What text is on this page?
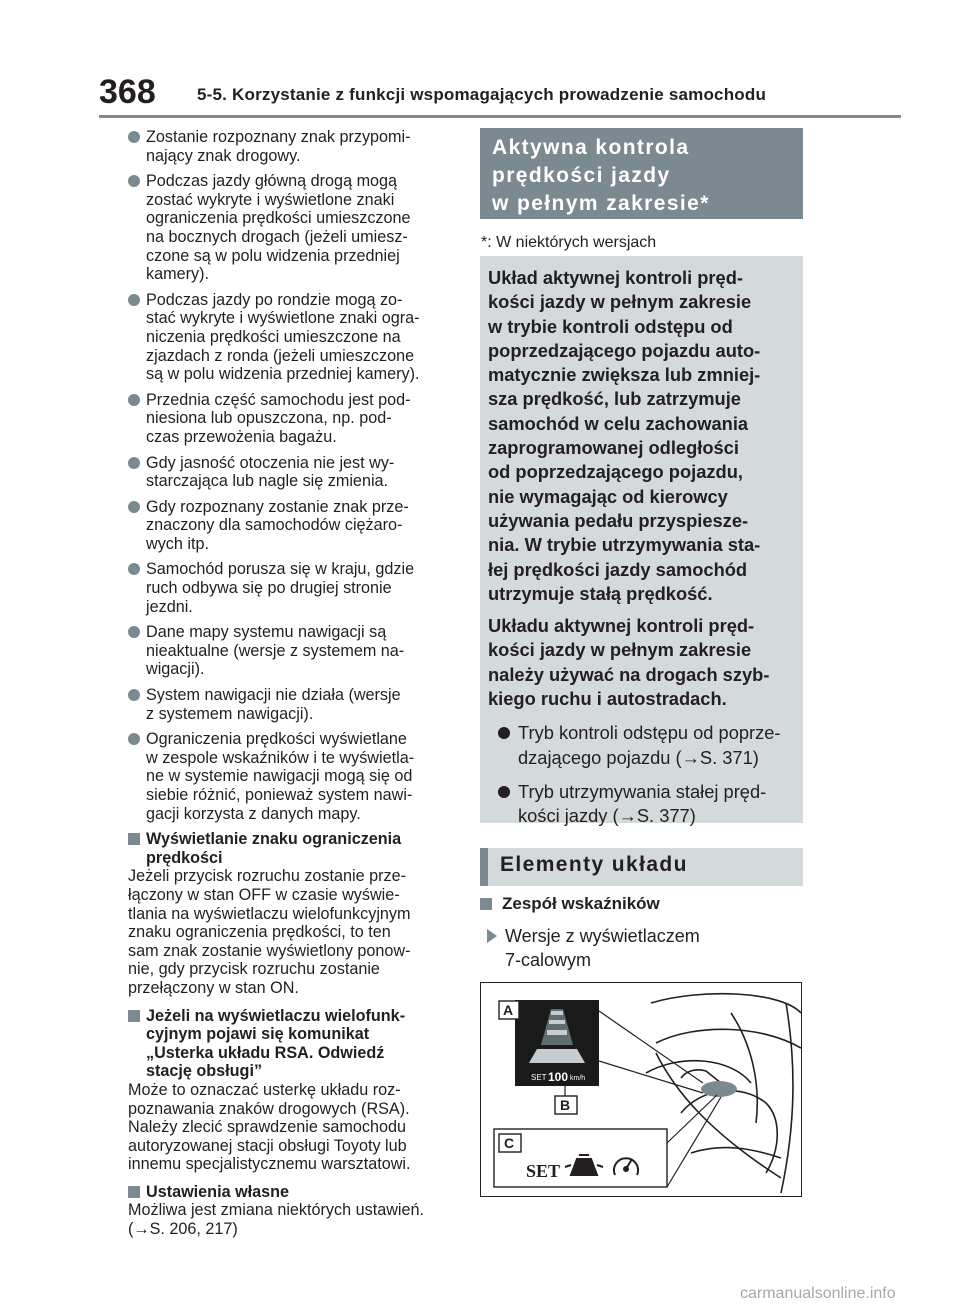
368 5-5. Korzystanie z funkcji wspomagających prowadzenie samochodu
Zostanie rozpoznany znak przypomi-
nający znak drogowy.
Podczas jazdy główną drogą mogą
zostać wykryte i wyświetlone znaki
ograniczenia prędkości umieszczone
na bocznych drogach (jeżeli umiesz-
czone są w polu widzenia przedniej
kamery).
Podczas jazdy po rondzie mogą zo-
stać wykryte i wyświetlone znaki ogra-
niczenia prędkości umieszczone na
zjazdach z ronda (jeżeli umieszczone
są w polu widzenia przedniej kamery).
Przednia część samochodu jest pod-
niesiona lub opuszczona, np. pod-
czas przewożenia bagażu.
Gdy jasność otoczenia nie jest wy-
starczająca lub nagle się zmienia.
Gdy rozpoznany zostanie znak prze-
znaczony dla samochodów ciężaro-
wych itp.
Samochód porusza się w kraju, gdzie
ruch odbywa się po drugiej stronie
jezdni.
Dane mapy systemu nawigacji są
nieaktualne (wersje z systemem na-
wigacji).
System nawigacji nie działa (wersje
z systemem nawigacji).
Ograniczenia prędkości wyświetlane
w zespole wskaźników i te wyświetla-
ne w systemie nawigacji mogą się od
siebie różnić, ponieważ system nawi-
gacji korzysta z danych mapy.
Wyświetlanie znaku ograniczenia
prędkości
Jeżeli przycisk rozruchu zostanie prze-
łączony w stan OFF w czasie wyświe-
tlania na wyświetlaczu wielofunkcyjnym
znaku ograniczenia prędkości, to ten
sam znak zostanie wyświetlony ponow-
nie, gdy przycisk rozruchu zostanie
przełączony w stan ON.
Jeżeli na wyświetlaczu wielofunk-
cyjnym pojawi się komunikat
„Usterka układu RSA. Odwiedź
stację obsługi”
Może to oznaczać usterkę układu roz-
poznawania znaków drogowych (RSA).
Należy zlecić sprawdzenie samochodu
autoryzowanej stacji obsługi Toyoty lub
innemu specjalistycznemu warsztatowi.
Ustawienia własne
Możliwa jest zmiana niektórych ustawień.
(→S. 206, 217)
Aktywna kontrola
prędkości jazdy
w pełnym zakresie*
*: W niektórych wersjach
Układ aktywnej kontroli pręd-
kości jazdy w pełnym zakresie
w trybie kontroli odstępu od
poprzedzającego pojazdu auto-
matycznie zwiększa lub zmniej-
sza prędkość, lub zatrzymuje
samochód w celu zachowania
zaprogramowanej odległości
od poprzedzającego pojazdu,
nie wymagając od kierowcy
używania pedału przyspiesze-
nia. W trybie utrzymywania sta-
łej prędkości jazdy samochód
utrzymuje stałą prędkość.
Układu aktywnej kontroli pręd-
kości jazdy w pełnym zakresie
należy używać na drogach szyb-
kiego ruchu i autostradach.
Tryb kontroli odstępu od poprze-
dzającego pojazdu (→S. 371)
Tryb utrzymywania stałej pręd-
kości jazdy (→S. 377)
Elementy układu
Zespół wskaźników
Wersje z wyświetlaczem
7-calowym
SET 100 km/h
A
B
C
SET
carmanualsonline.info
